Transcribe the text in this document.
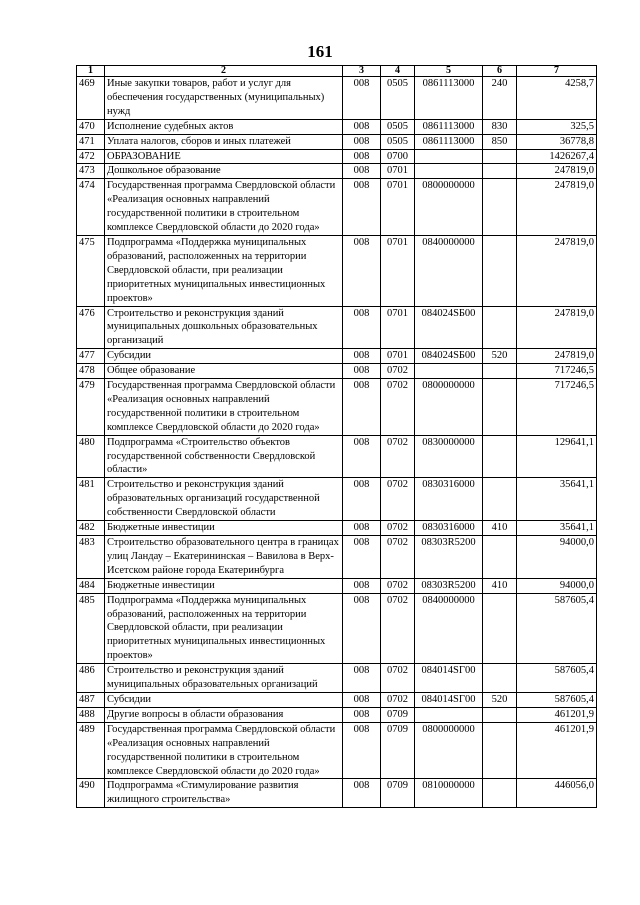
161
1	2	3	4	5	6	7
469	Иные закупки товаров, работ и услуг для обеспечения государственных (муниципальных) нужд	008	0505	0861113000	240	4258,7
470	Исполнение судебных актов	008	0505	0861113000	830	325,5
471	Уплата налогов, сборов и иных платежей	008	0505	0861113000	850	36778,8
472	ОБРАЗОВАНИЕ	008	0700			1426267,4
473	Дошкольное образование	008	0701			247819,0
474	Государственная программа Свердловской области «Реализация основных направлений государственной политики в строительном комплексе Свердловской области до 2020 года»	008	0701	0800000000		247819,0
475	Подпрограмма «Поддержка муниципальных образований, расположенных на территории Свердловской области, при реализации приоритетных муниципальных инвестиционных проектов»	008	0701	0840000000		247819,0
476	Строительство и реконструкция зданий муниципальных дошкольных образовательных организаций	008	0701	084024SБ00		247819,0
477	Субсидии	008	0701	084024SБ00	520	247819,0
478	Общее образование	008	0702			717246,5
479	Государственная программа Свердловской области «Реализация основных направлений государственной политики в строительном комплексе Свердловской области до 2020 года»	008	0702	0800000000		717246,5
480	Подпрограмма «Строительство объектов государственной собственности Свердловской области»	008	0702	0830000000		129641,1
481	Строительство и реконструкция зданий образовательных организаций государственной собственности Свердловской области	008	0702	0830316000		35641,1
482	Бюджетные инвестиции	008	0702	0830316000	410	35641,1
483	Строительство образовательного центра в границах улиц Ландау – Екатерининская – Вавилова в Верх-Исетском районе города Екатеринбурга	008	0702	08303R5200		94000,0
484	Бюджетные инвестиции	008	0702	08303R5200	410	94000,0
485	Подпрограмма «Поддержка муниципальных образований, расположенных на территории Свердловской области, при реализации приоритетных муниципальных инвестиционных проектов»	008	0702	0840000000		587605,4
486	Строительство и реконструкция зданий муниципальных образовательных организаций	008	0702	084014SГ00		587605,4
487	Субсидии	008	0702	084014SГ00	520	587605,4
488	Другие вопросы в области образования	008	0709			461201,9
489	Государственная программа Свердловской области «Реализация основных направлений государственной политики в строительном комплексе Свердловской области до 2020 года»	008	0709	0800000000		461201,9
490	Подпрограмма «Стимулирование развития жилищного строительства»	008	0709	0810000000		446056,0
